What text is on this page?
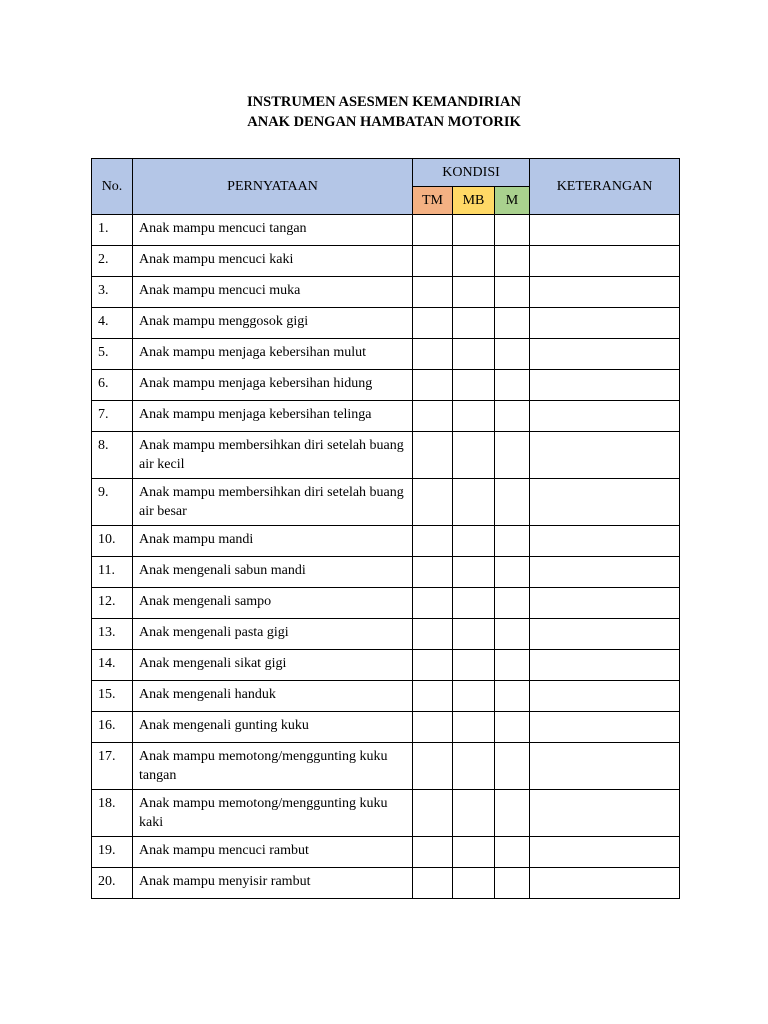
INSTRUMEN ASESMEN KEMANDIRIAN
ANAK DENGAN HAMBATAN MOTORIK
No.	PERNYATAAN	KONDISI			KETERANGAN
		TM	MB	M	
1.	Anak mampu mencuci tangan				
2.	Anak mampu mencuci kaki				
3.	Anak mampu mencuci muka				
4.	Anak mampu menggosok gigi				
5.	Anak mampu menjaga kebersihan mulut				
6.	Anak mampu menjaga kebersihan hidung				
7.	Anak mampu menjaga kebersihan telinga				
8.	Anak mampu membersihkan diri setelah buang air kecil				
9.	Anak mampu membersihkan diri setelah buang air besar				
10.	Anak mampu mandi				
11.	Anak mengenali sabun mandi				
12.	Anak mengenali sampo				
13.	Anak mengenali pasta gigi				
14.	Anak mengenali sikat gigi				
15.	Anak mengenali handuk				
16.	Anak mengenali gunting kuku				
17.	Anak mampu memotong/menggunting kuku tangan				
18.	Anak mampu memotong/menggunting kuku kaki				
19.	Anak mampu mencuci rambut				
20.	Anak mampu menyisir rambut				
